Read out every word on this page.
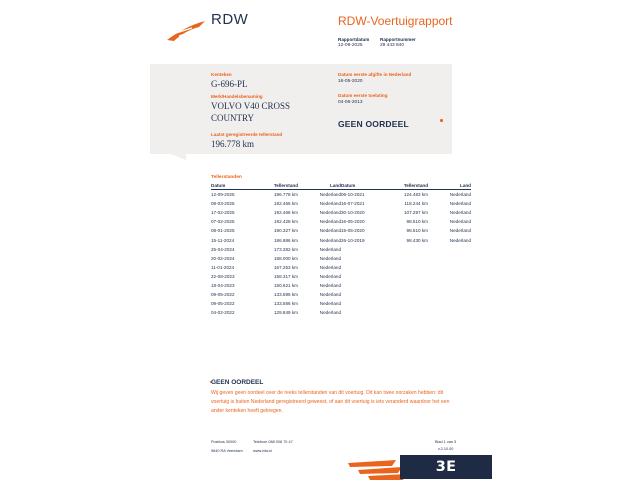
RDW	RDW-Voertuigrapport
Rapportdatum
12-09-2025
Rapportnummer
29 443 840
Kenteken
G-696-PL
Merk/Handelsbenaming
VOLVO V40 CROSS
COUNTRY
Laatst geregistreerde tellerstand
196.778 km
Datum eerste afgifte in Nederland
16-05-2020
Datum eerste toelating
04-06-2013
GEEN OORDEEL
Tellerstanden
Datum	Tellerstand	Land
12-09-2025	196.778 km	Nederland
08-03-2025	192.466 km	Nederland
17-02-2025	192.466 km	Nederland
07-02-2025	192.428 km	Nederland
08-01-2025	190.327 km	Nederland
15-11-2024	186.886 km	Nederland
25-04-2024	173.282 km	Nederland
20-02-2024	168.000 km	Nederland
11-01-2024	167.253 km	Nederland
22-08-2023	158.317 km	Nederland
18-04-2023	150.621 km	Nederland
09-05-2022	133.596 km	Nederland
09-05-2022	133.586 km	Nederland
04-02-2022	129.849 km	Nederland
Datum	Tellerstand	Land
06-10-2021	124.483 km	Nederland
16-07-2021	118.244 km	Nederland
30-10-2020	107.297 km	Nederland
16-05-2020	98.510 km	Nederland
15-05-2020	98.510 km	Nederland
26-10-2019	98.430 km	Nederland
GEEN OORDEEL
Wij geven geen oordeel over de reeks tellerstanden van dit voertuig. Dit kan twee oorzaken hebben: dit
voertuig is buiten Nederland geregistreerd geweest, of aan dit voertuig is iets veranderd waardoor het een
ander kenteken heeft gekregen.
Postbus 30000
9640 RA Veendam
Telefoon 088 008 70 47
www.rdw.nl
Blad 1 van 3
v.2.10.00
3E EIGENAAR
